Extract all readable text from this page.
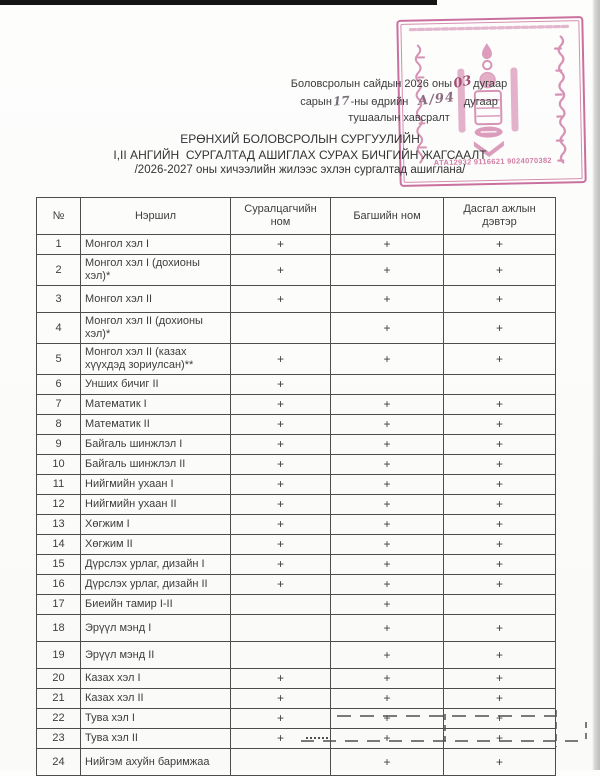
АТА12932 9116621 9024070382
Боловсролын сайдын 2026 оны03дугаар
сарын17-ны өдрийн А/94 дугаар
тушаалын хавсралт
ЕРӨНХИЙ БОЛОВСРОЛЫН СУРГУУЛИЙН
I,II АНГИЙН  СУРГАЛТАД АШИГЛАХ СУРАХ БИЧГИЙН ЖАГСААЛТ
/2026-2027 оны хичээлийн жилээс эхлэн сургалтад ашиглана/
№	Нэршил	Суралцагчийн ном	Багшийн ном	Дасгал ажлын дэвтэр
1	Монгол хэл I	+	+	+
2	Монгол хэл I (дохионы хэл)*	+	+	+
3	Монгол хэл II	+	+	+
4	Монгол хэл II (дохионы хэл)*		+	+
5	Монгол хэл II (казах хүүхдэд зориулсан)**	+	+	+
6	Унших бичиг II	+		
7	Математик I	+	+	+
8	Математик II	+	+	+
9	Байгаль шинжлэл I	+	+	+
10	Байгаль шинжлэл II	+	+	+
11	Нийгмийн ухаан I	+	+	+
12	Нийгмийн ухаан II	+	+	+
13	Хөгжим I	+	+	+
14	Хөгжим II	+	+	+
15	Дүрслэх урлаг, дизайн I	+	+	+
16	Дүрслэх урлаг, дизайн II	+	+	+
17	Биеийн тамир I-II		+	
18	Эрүүл мэнд I		+	+
19	Эрүүл мэнд II		+	+
20	Казах хэл I	+	+	+
21	Казах хэл II	+	+	+
22	Тува хэл I	+	+	+
23	Тува хэл II	+	+	+
24	Нийгэм ахуйн баримжаа		+	+
